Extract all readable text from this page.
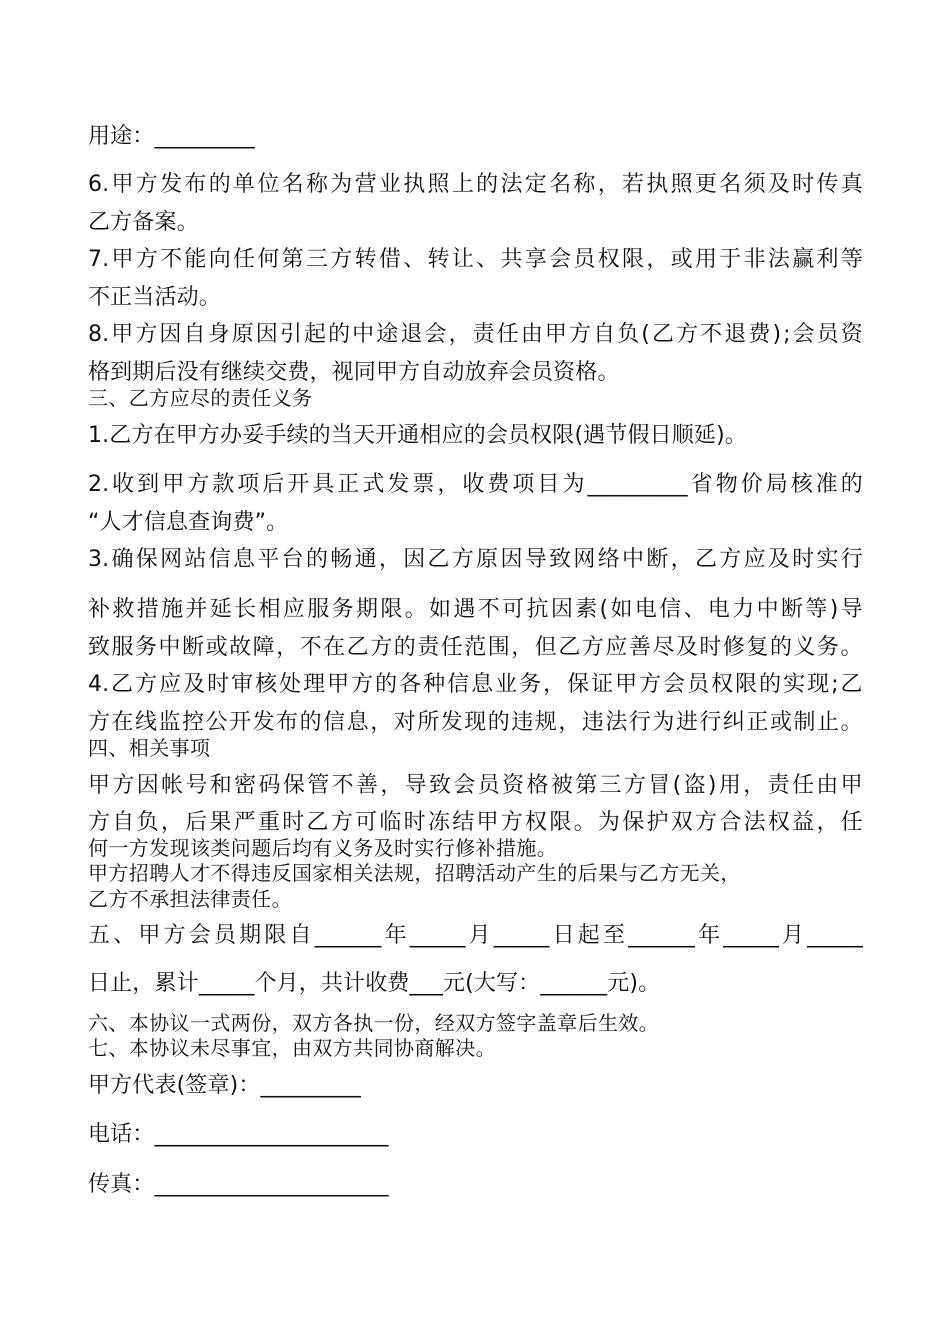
用途：_________

6. 甲 方 发 布 的 单 位 名 称 为 营 业 执 照 上 的 法 定 名 称 ， 若 执 照 更 名 须 及 时 传 真

乙方备案。

7. 甲 方 不 能 向 任 何 第 三 方 转 借 、 转 让 、 共 享 会 员 权 限 ， 或 用 于 非 法 赢 利 等

不正当活动。

8. 甲 方 因 自 身 原 因 引 起 的 中 途 退 会 ， 责 任 由 甲 方 自 负 ( 乙 方 不 退 费 ) ; 会 员 资

格到期后没有继续交费，视同甲方自动放弃会员资格。

三、乙方应尽的责任义务

1.乙方在甲方办妥手续的当天开通相应的会员权限(遇节假日顺延)。

2. 收 到 甲 方 款 项 后 开 具 正 式 发 票 ， 收 费 项 目 为 _________ 省 物 价 局 核 准 的

“人才信息查询费”。

3. 确 保 网 站 信 息 平 台 的 畅 通 ， 因 乙 方 原 因 导 致 网 络 中 断 ， 乙 方 应 及 时 实 行

补 救 措 施 并 延 长 相 应 服 务 期 限 。 如 遇 不 可 抗 因 素 ( 如 电 信 、 电 力 中 断 等 ) 导

致 服 务 中 断 或 故 障 ， 不 在 乙 方 的 责 任 范 围 ， 但 乙 方 应 善 尽 及 时 修 复 的 义 务 。

4. 乙 方 应 及 时 审 核 处 理 甲 方 的 各 种 信 息 业 务 ， 保 证 甲 方 会 员 权 限 的 实 现 ; 乙

方 在 线 监 控 公 开 发 布 的 信 息 ， 对 所 发 现 的 违 规 ， 违 法 行 为 进 行 纠 正 或 制 止 。

四、相关事项

甲 方 因 帐 号 和 密 码 保 管 不 善 ， 导 致 会 员 资 格 被 第 三 方 冒 ( 盗 ) 用 ， 责 任 由 甲

方 自 负 ， 后 果 严 重 时 乙 方 可 临 时 冻 结 甲 方 权 限 。 为 保 护 双 方 合 法 权 益 ， 任

何一方发现该类问题后均有义务及时实行修补措施。

甲方招聘人才不得违反国家相关法规，招聘活动产生的后果与乙方无关，

乙方不承担法律责任。

五 、 甲 方 会 员 期 限 自 ______ 年 _____ 月 _____ 日 起 至 ______ 年 _____ 月 _____

日止，累计_____个月，共计收费___元(大写：______元)。

六、本协议一式两份，双方各执一份，经双方签字盖章后生效。

七、本协议未尽事宜，由双方共同协商解决。

甲方代表(签章)：_________

电话：_____________________

传真：_____________________
